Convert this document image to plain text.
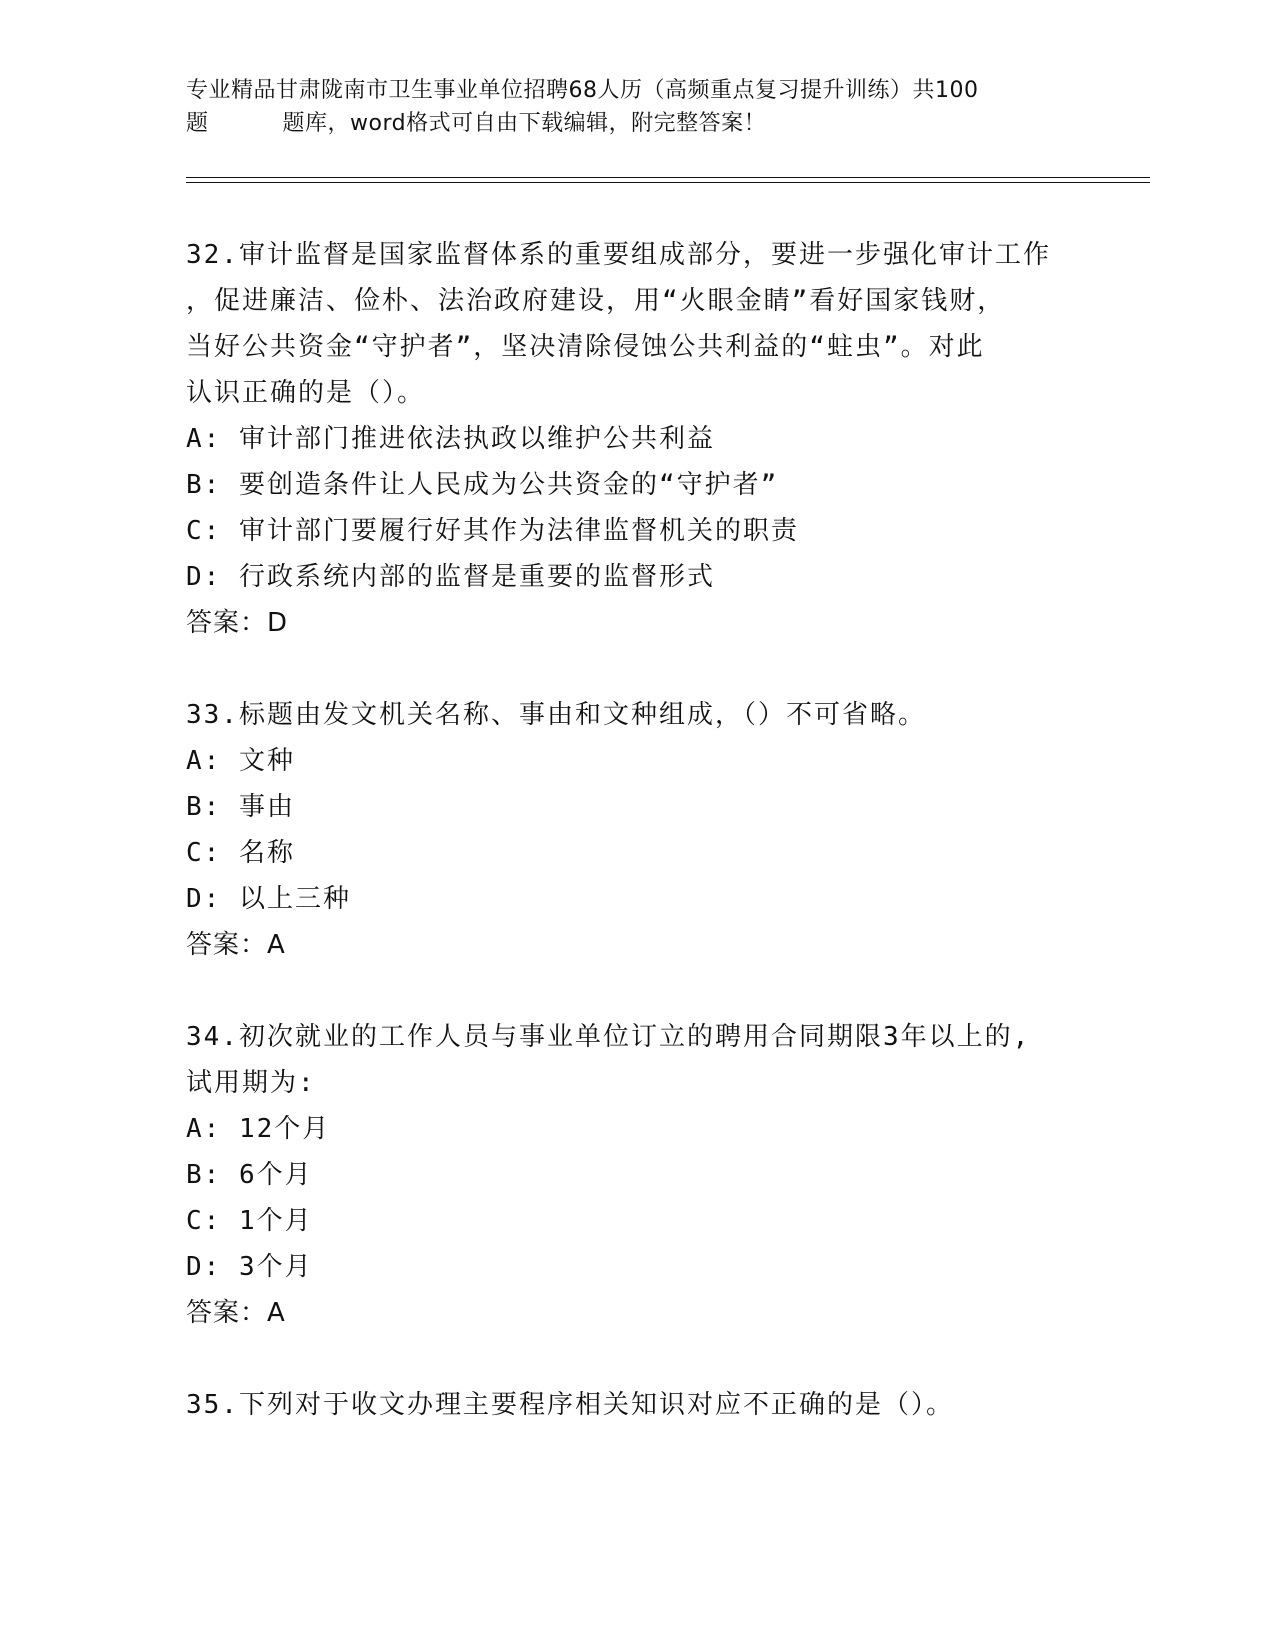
专业精品甘肃陇南市卫生事业单位招聘68人历（高频重点复习提升训练）共100
题	题库，word格式可自由下载编辑，附完整答案！
32.审计监督是国家监督体系的重要组成部分，要进一步强化审计工作
，促进廉洁、俭朴、法治政府建设，用“火眼金睛”看好国家钱财，
当好公共资金“守护者”，坚决清除侵蚀公共利益的“蛀虫”。对此
认识正确的是（）。
A: 审计部门推进依法执政以维护公共利益
B: 要创造条件让人民成为公共资金的“守护者”
C: 审计部门要履行好其作为法律监督机关的职责
D: 行政系统内部的监督是重要的监督形式
答案：D
33.标题由发文机关名称、事由和文种组成，（）不可省略。
A: 文种
B: 事由
C: 名称
D: 以上三种
答案：A
34.初次就业的工作人员与事业单位订立的聘用合同期限3年以上的,
试用期为:
A: 12个月
B: 6个月
C: 1个月
D: 3个月
答案：A
35.下列对于收文办理主要程序相关知识对应不正确的是（）。
